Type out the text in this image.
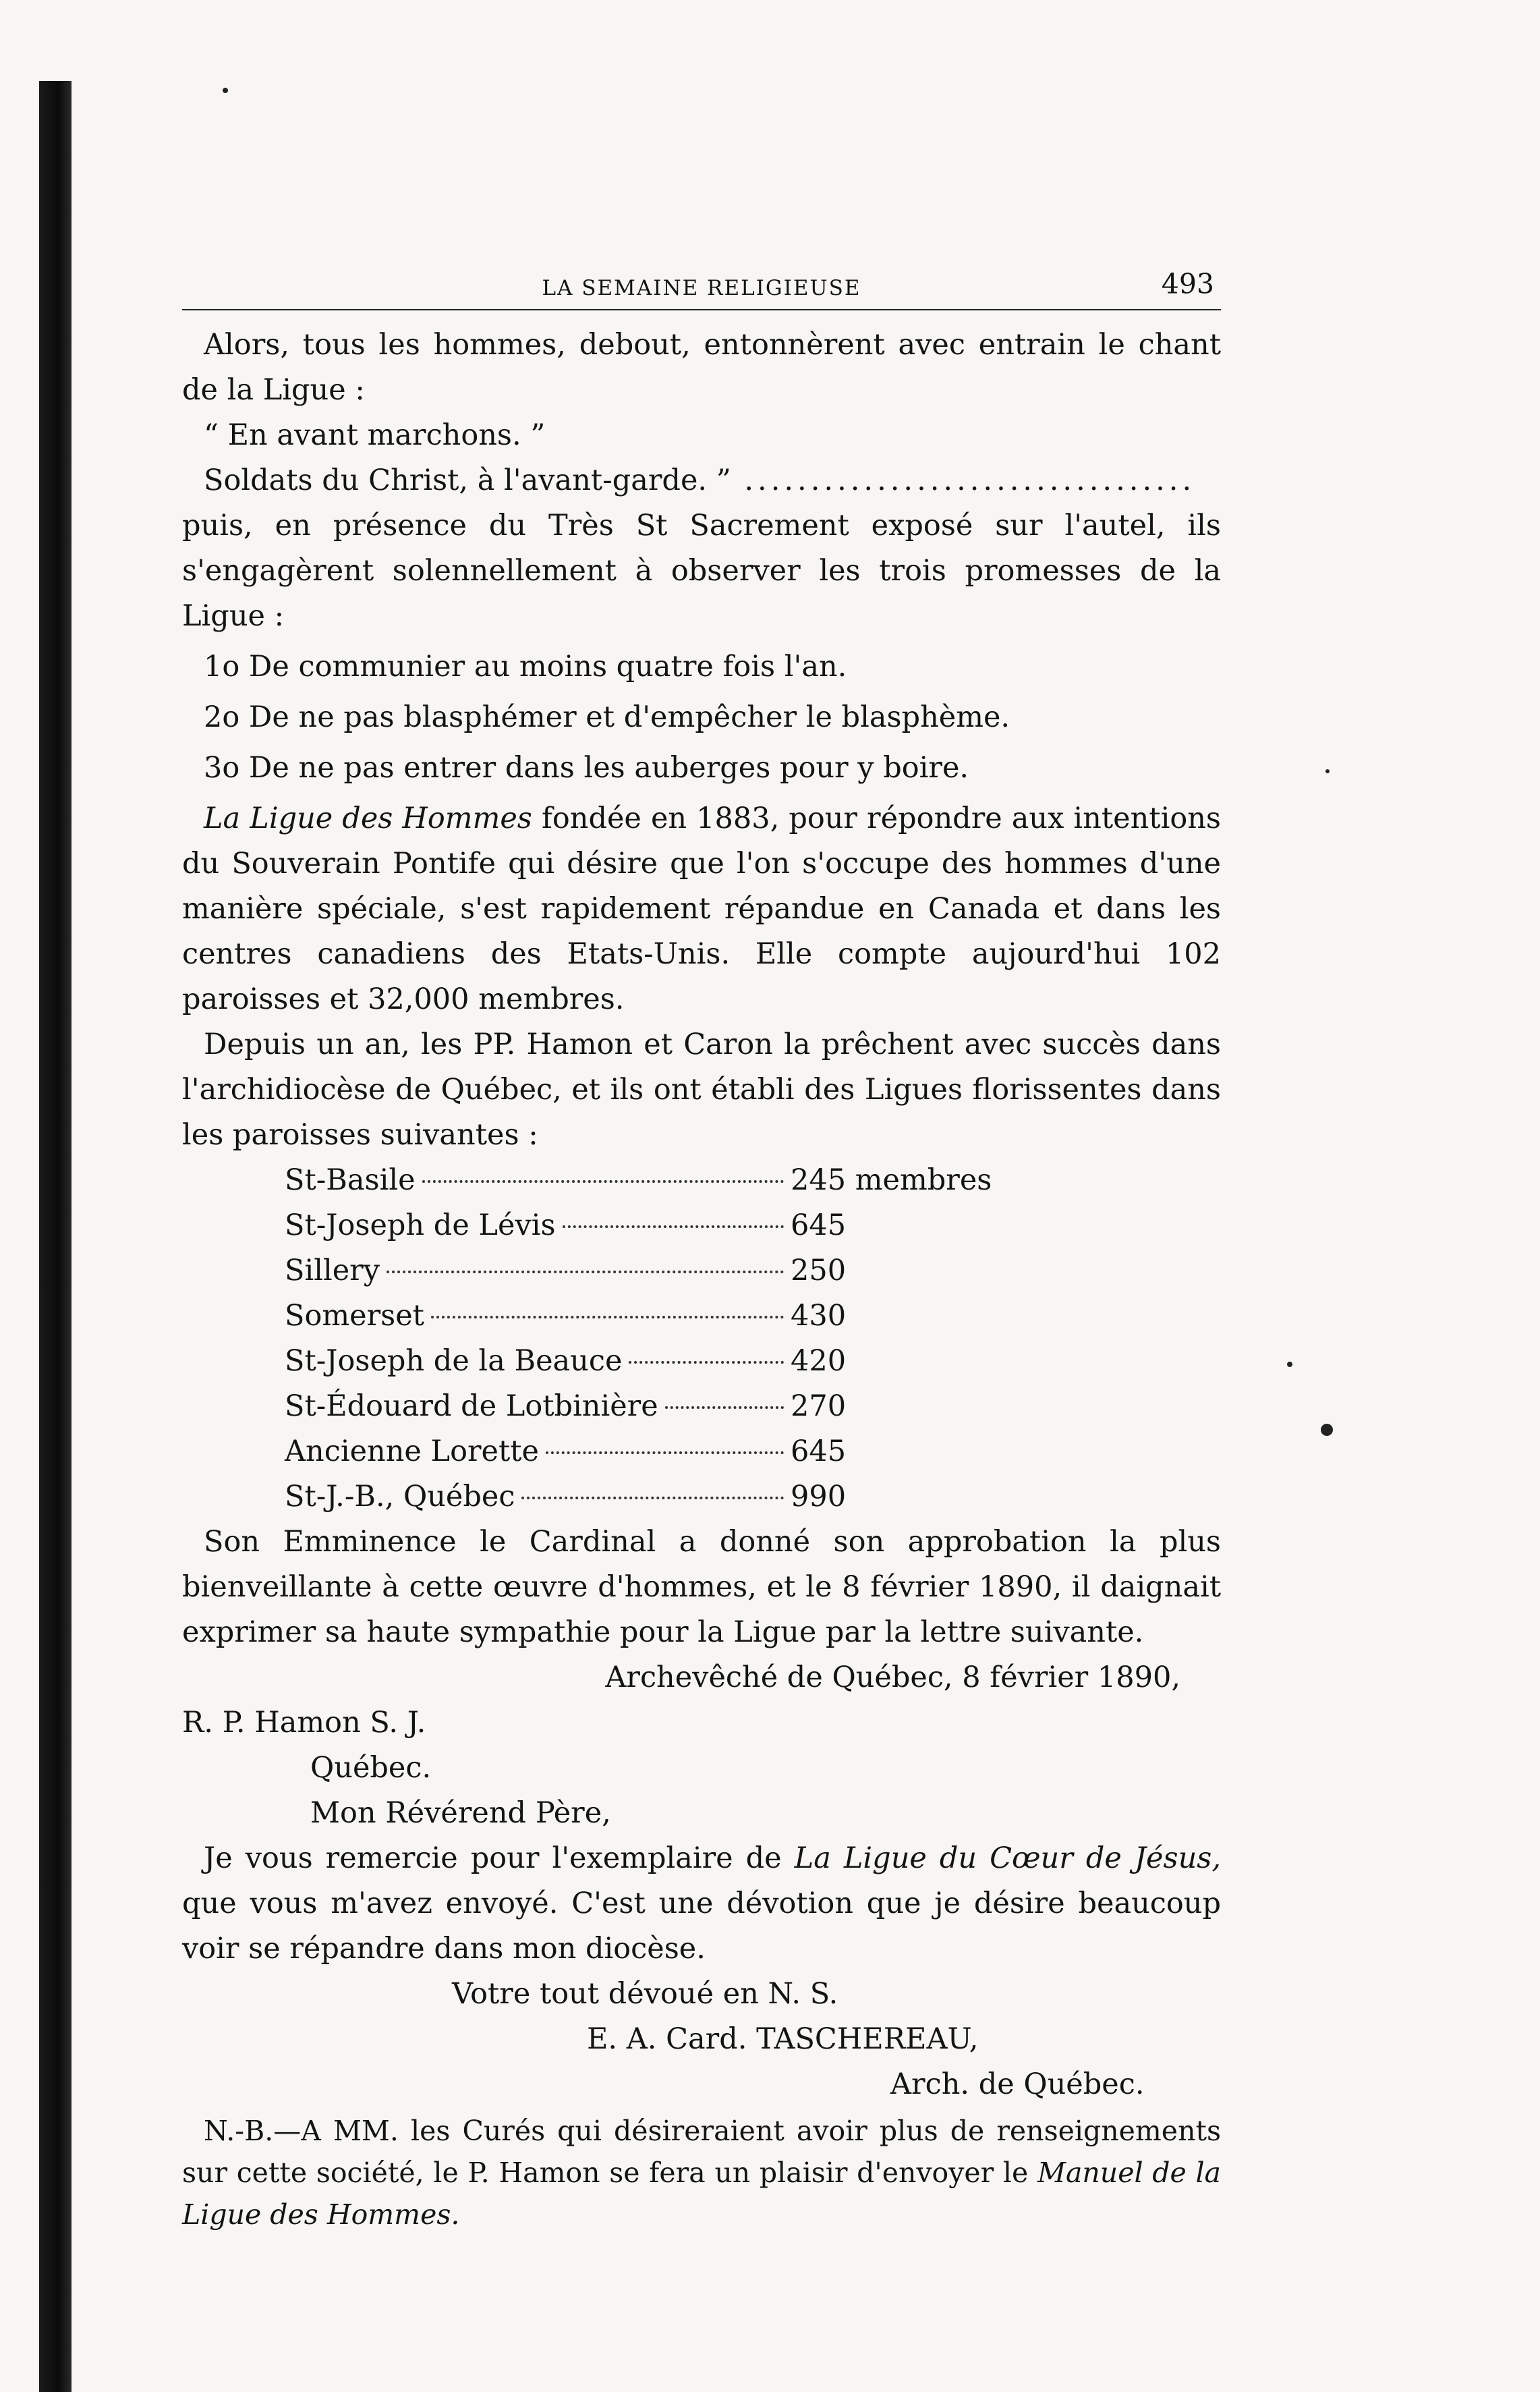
LA SEMAINE RELIGIEUSE	493

Alors, tous les hommes, debout, entonnèrent avec entrain le chant de la Ligue :

“ En avant marchons. ”

Soldats du Christ, à l'avant-garde. ” ..................................

puis, en présence du Très St Sacrement exposé sur l'autel, ils s'engagèrent solennellement à observer les trois promesses de la Ligue :

1o De communier au moins quatre fois l'an.

2o De ne pas blasphémer et d'empêcher le blasphème.

3o De ne pas entrer dans les auberges pour y boire.

La Ligue des Hommes fondée en 1883, pour répondre aux intentions du Souverain Pontife qui désire que l'on s'occupe des hommes d'une manière spéciale, s'est rapidement répandue en Canada et dans les centres canadiens des Etats-Unis. Elle compte aujourd'hui 102 paroisses et 32,000 membres.

Depuis un an, les PP. Hamon et Caron la prêchent avec succès dans l'archidiocèse de Québec, et ils ont établi des Ligues florissentes dans les paroisses suivantes :

St-Basile	245 membres
St-Joseph de Lévis	645
Sillery	250
Somerset	430
St-Joseph de la Beauce	420
St-Édouard de Lotbinière	270
Ancienne Lorette	645
St-J.-B., Québec	990

Son Emminence le Cardinal a donné son approbation la plus bienveillante à cette œuvre d'hommes, et le 8 février 1890, il daignait exprimer sa haute sympathie pour la Ligue par la lettre suivante.

Archevêché de Québec, 8 février 1890,

R. P. Hamon S. J.

Québec.

Mon Révérend Père,

Je vous remercie pour l'exemplaire de La Ligue du Cœur de Jésus, que vous m'avez envoyé. C'est une dévotion que je désire beaucoup voir se répandre dans mon diocèse.

Votre tout dévoué en N. S.

E. A. Card. TASCHEREAU,

Arch. de Québec.

N.-B.—A MM. les Curés qui désireraient avoir plus de renseignements sur cette société, le P. Hamon se fera un plaisir d'envoyer le Manuel de la Ligue des Hommes.
